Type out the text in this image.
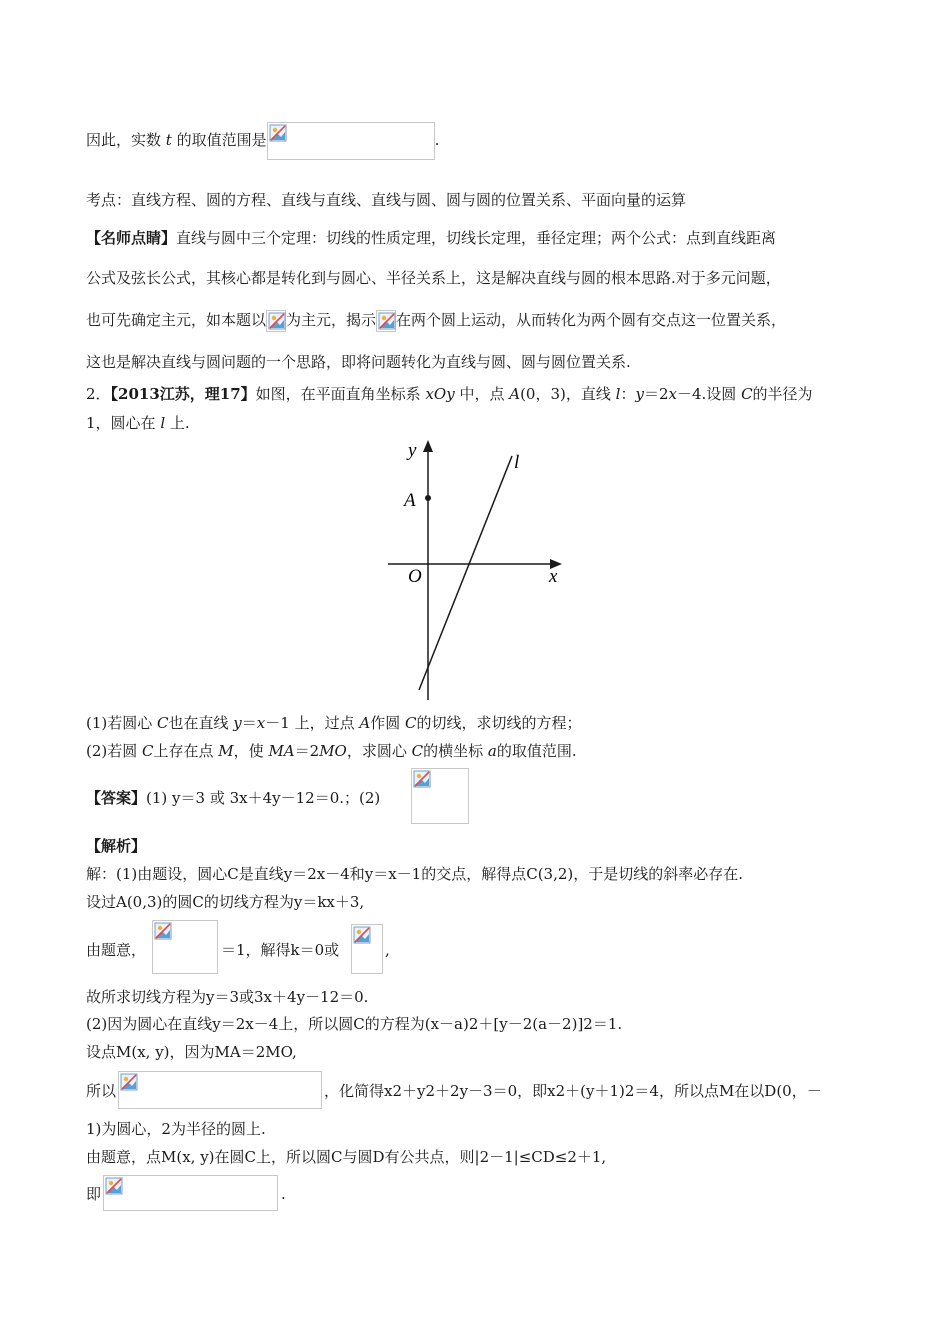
因此，实数 t 的取值范围是	.
考点：直线方程、圆的方程、直线与直线、直线与圆、圆与圆的位置关系、平面向量的运算
【名师点睛】直线与圆中三个定理：切线的性质定理，切线长定理，垂径定理；两个公式：点到直线距离
公式及弦长公式，其核心都是转化到与圆心、半径关系上，这是解决直线与圆的根本思路.对于多元问题，
也可先确定主元，如本题以 为主元，揭示 在两个圆上运动，从而转化为两个圆有交点这一位置关系，
这也是解决直线与圆问题的一个思路，即将问题转化为直线与圆、圆与圆位置关系.
2．【2013江苏，理17】如图，在平面直角坐标系 xOy 中，点 A(0，3)，直线 l：y＝2x－4.设圆 C的半径为
1，圆心在 l 上.
y
x
O
A
l
(1)若圆心 C也在直线 y＝x－1 上，过点 A作圆 C的切线，求切线的方程；
(2)若圆 C上存在点 M，使 MA＝2MO，求圆心 C的横坐标 a的取值范围.
【答案】(1) y＝3 或 3x＋4y－12＝0.；(2)
【解析】
解：(1)由题设，圆心C是直线y＝2x－4和y＝x－1的交点，解得点C(3,2)，于是切线的斜率必存在.
设过A(0,3)的圆C的切线方程为y＝kx＋3,
由题意，	＝1，解得k＝0或	,
故所求切线方程为y＝3或3x＋4y－12＝0.
(2)因为圆心在直线y＝2x－4上，所以圆C的方程为(x－a)2＋[y－2(a－2)]2＝1.
设点M(x, y)，因为MA＝2MO,
所以	，化简得x2＋y2＋2y－3＝0，即x2＋(y＋1)2＝4，所以点M在以D(0，－
1)为圆心，2为半径的圆上.
由题意，点M(x, y)在圆C上，所以圆C与圆D有公共点，则|2－1|≤CD≤2＋1,
即	.
